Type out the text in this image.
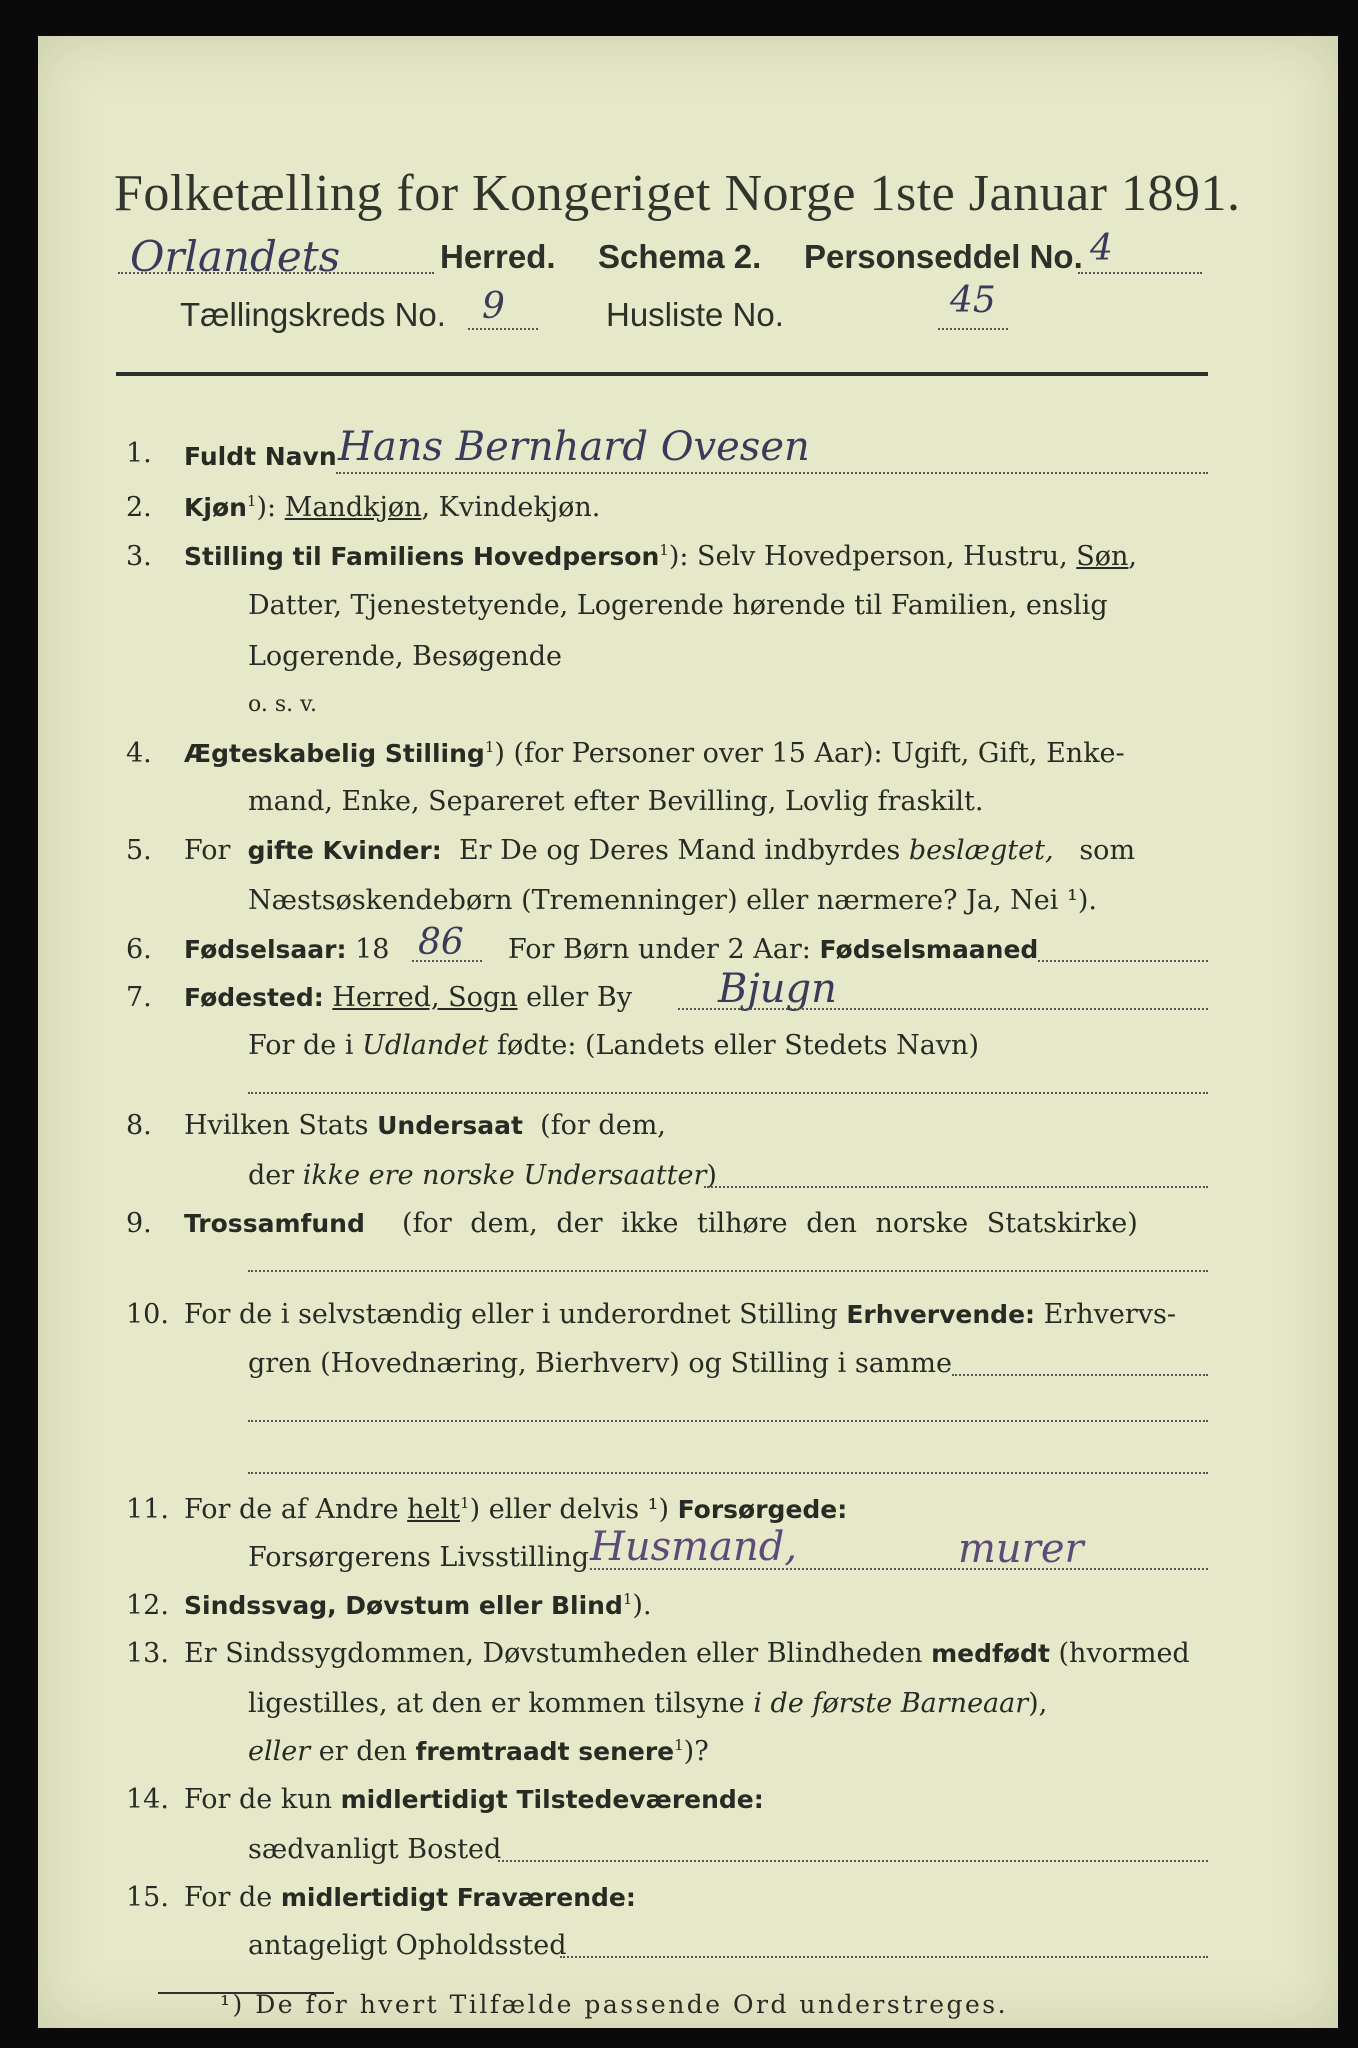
Folketælling for Kongeriget Norge 1ste Januar 1891.
Orlandets	Herred. Schema 2. Personseddel No. 4
Tællingskreds No. 9	Husliste No.	45
1. Fuldt Navn Hans Bernhard Ovesen
2. Kjøn$^1$): Mandkjøn, Kvindekjøn.
3. Stilling til Familiens Hovedperson$^1$): Selv Hovedperson, Hustru, Søn,
Datter, Tjenestetyende, Logerende hørende til Familien, enslig
Logerende, Besøgende
o. s. v.
4. Ægteskabelig Stilling$^1$) (for Personer over 15 Aar): Ugift, Gift, Enke-
mand, Enke, Separeret efter Bevilling, Lovlig fraskilt.
5. For gifte Kvinder: Er De og Deres Mand indbyrdes beslægtet, som
Næstsøskendebørn (Tremenninger) eller nærmere? Ja, Nei ¹).
6. Fødselsaar: 18 86 For Børn under 2 Aar: Fødselsmaaned
7. Fødested: Herred, Sogn eller By Bjugn
For de i Udlandet fødte: (Landets eller Stedets Navn)
8. Hvilken Stats Undersaat (for dem,
der ikke ere norske Undersaatter)
9. Trossamfund (for dem, der ikke tilhøre den norske Statskirke)
10. For de i selvstændig eller i underordnet Stilling Erhvervende: Erhvervs-
gren (Hovednæring, Bierhverv) og Stilling i samme
11. For de af Andre helt$^1$) eller delvis ¹) Forsørgede:
Forsørgerens Livsstilling Husmand,	murer
12. Sindssvag, Døvstum eller Blind$^1$).
13. Er Sindssygdommen, Døvstumheden eller Blindheden medfødt (hvormed
ligestilles, at den er kommen tilsyne i de første Barneaar),
eller er den fremtraadt senere$^1$)?
14. For de kun midlertidigt Tilstedeværende:
sædvanligt Bosted
15. For de midlertidigt Fraværende:
antageligt Opholdssted
¹) De for hvert Tilfælde passende Ord understreges.
